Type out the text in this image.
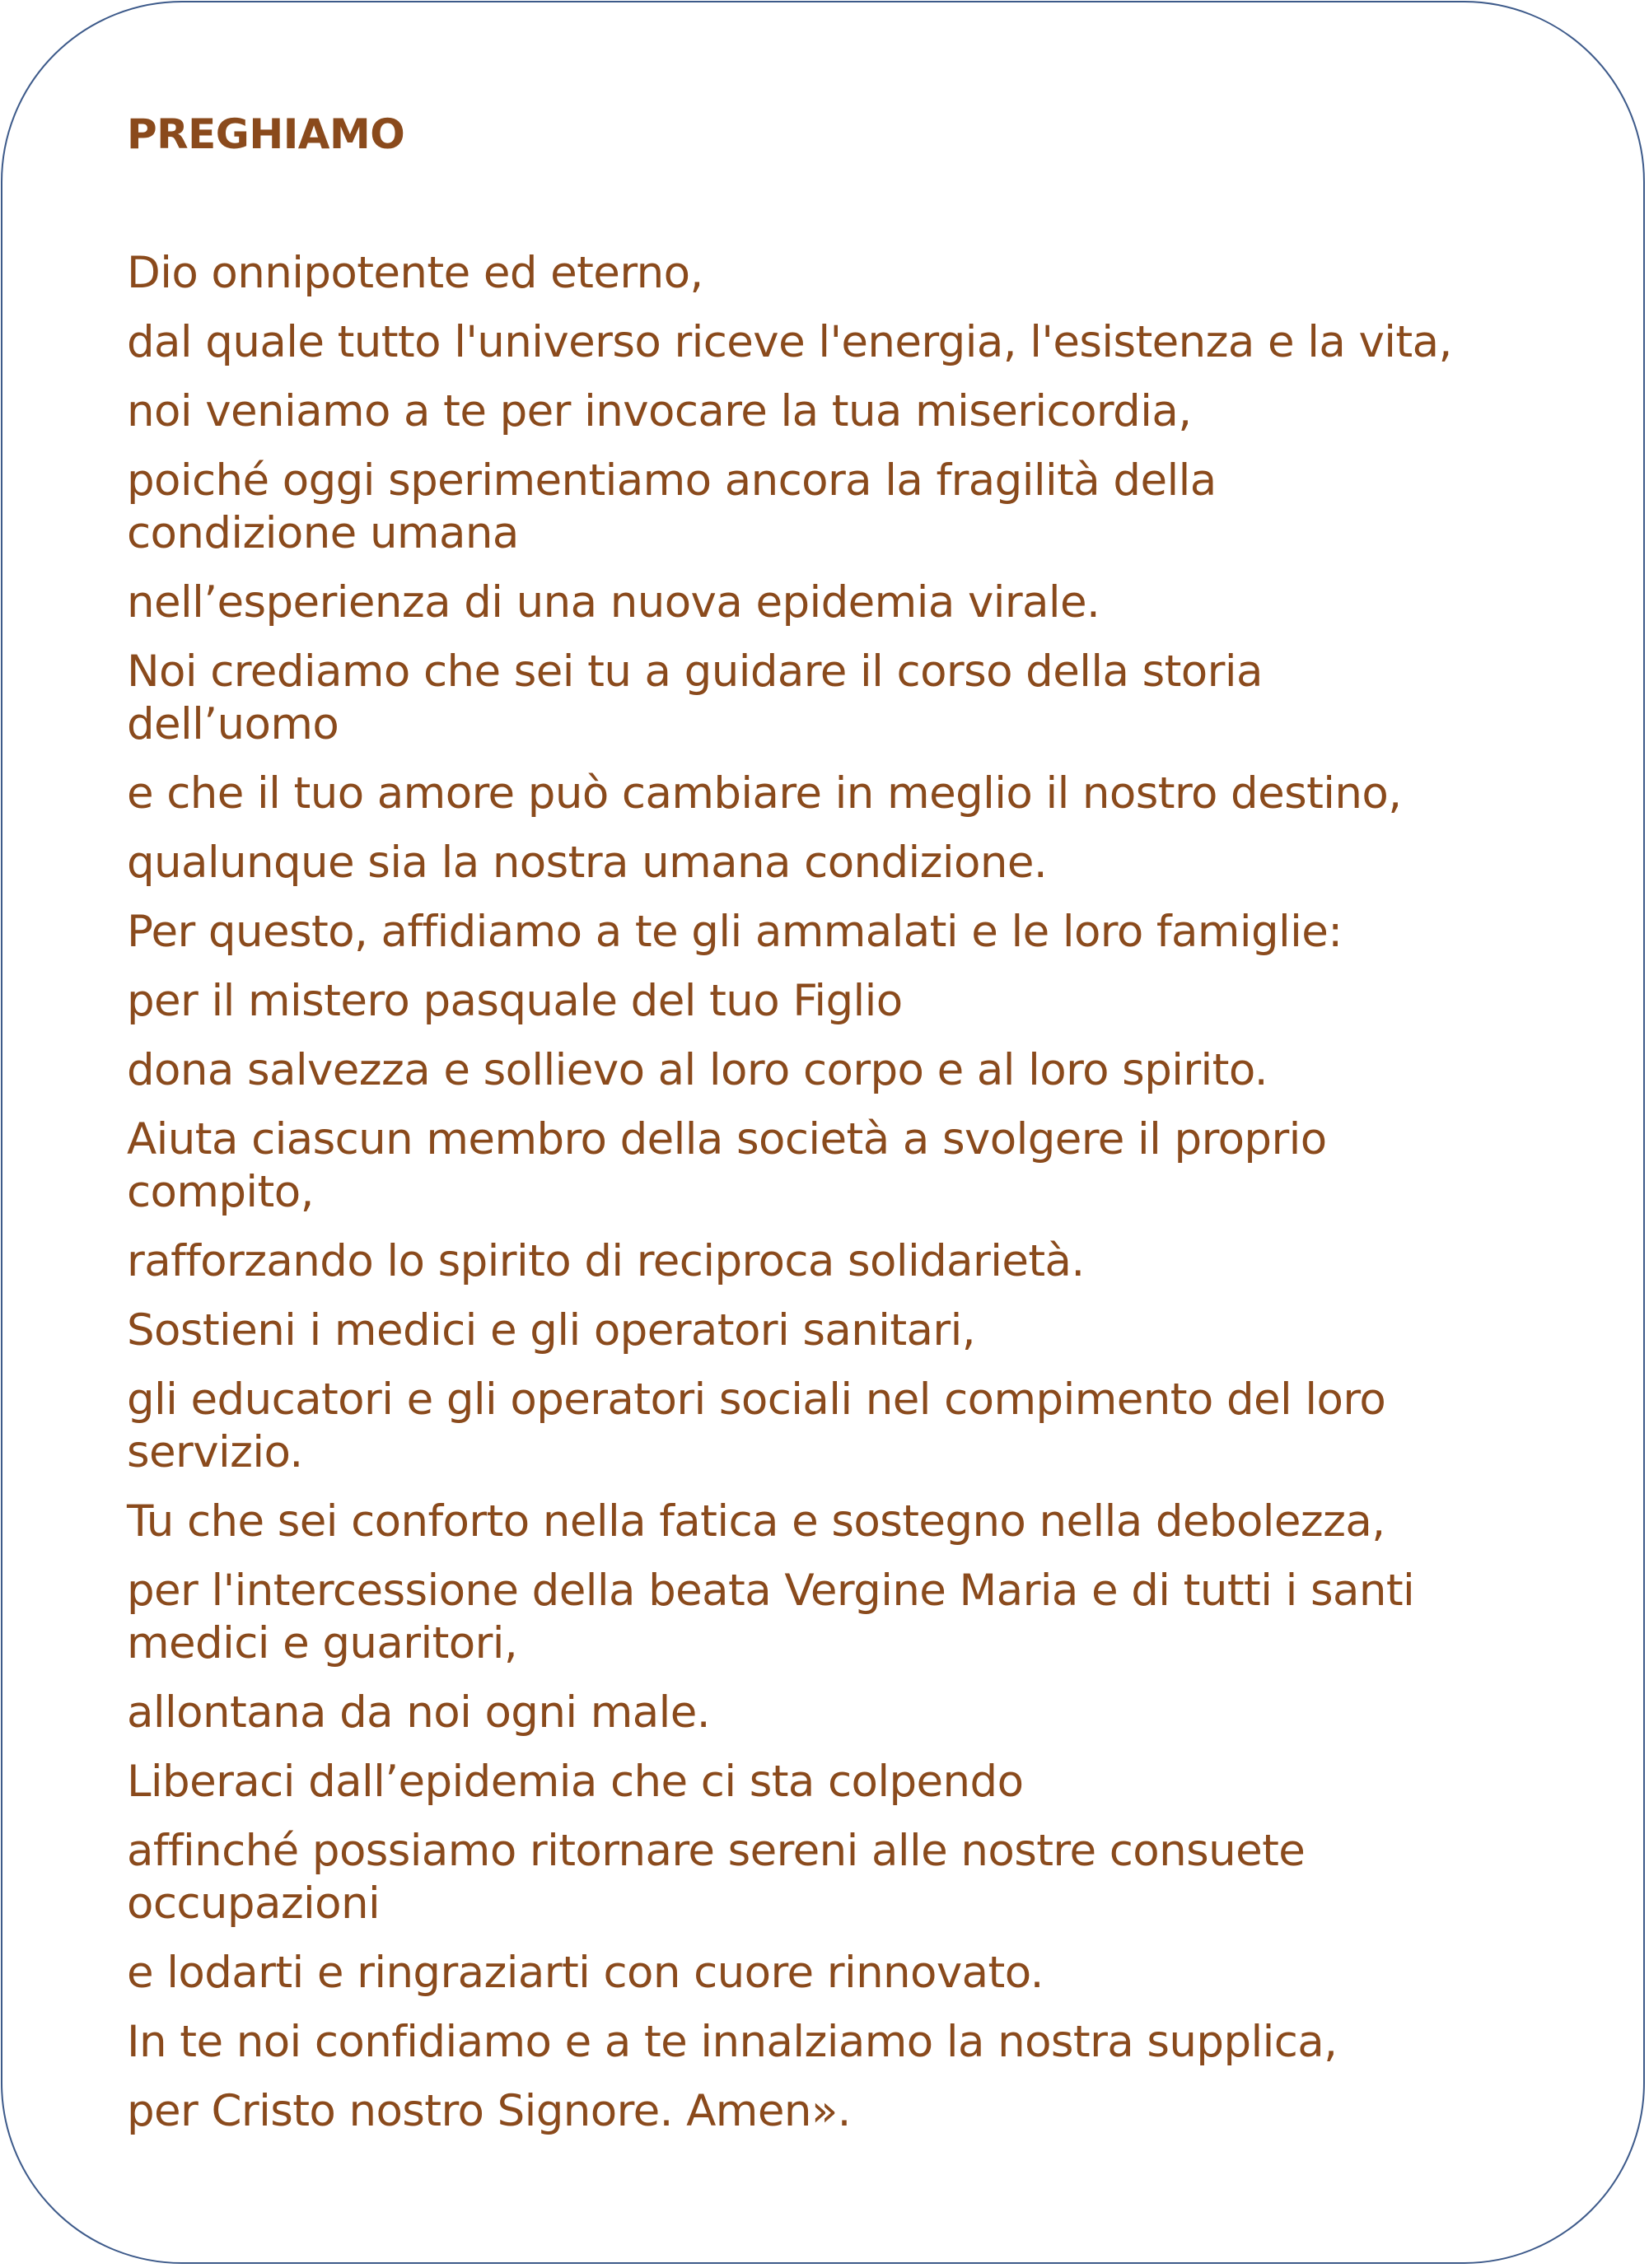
PREGHIAMO
Dio onnipotente ed eterno,
dal quale tutto l'universo riceve l'energia, l'esistenza e la vita,
noi veniamo a te per invocare la tua misericordia,
poiché oggi sperimentiamo ancora la fragilità della
condizione umana
nell’esperienza di una nuova epidemia virale.
Noi crediamo che sei tu a guidare il corso della storia
dell’uomo
e che il tuo amore può cambiare in meglio il nostro destino,
qualunque sia la nostra umana condizione.
Per questo, affidiamo a te gli ammalati e le loro famiglie:
per il mistero pasquale del tuo Figlio
dona salvezza e sollievo al loro corpo e al loro spirito.
Aiuta ciascun membro della società a svolgere il proprio
compito,
rafforzando lo spirito di reciproca solidarietà.
Sostieni i medici e gli operatori sanitari,
gli educatori e gli operatori sociali nel compimento del loro
servizio.
Tu che sei conforto nella fatica e sostegno nella debolezza,
per l'intercessione della beata Vergine Maria e di tutti i santi
medici e guaritori,
allontana da noi ogni male.
Liberaci dall’epidemia che ci sta colpendo
affinché possiamo ritornare sereni alle nostre consuete
occupazioni
e lodarti e ringraziarti con cuore rinnovato.
In te noi confidiamo e a te innalziamo la nostra supplica,
per Cristo nostro Signore. Amen».
